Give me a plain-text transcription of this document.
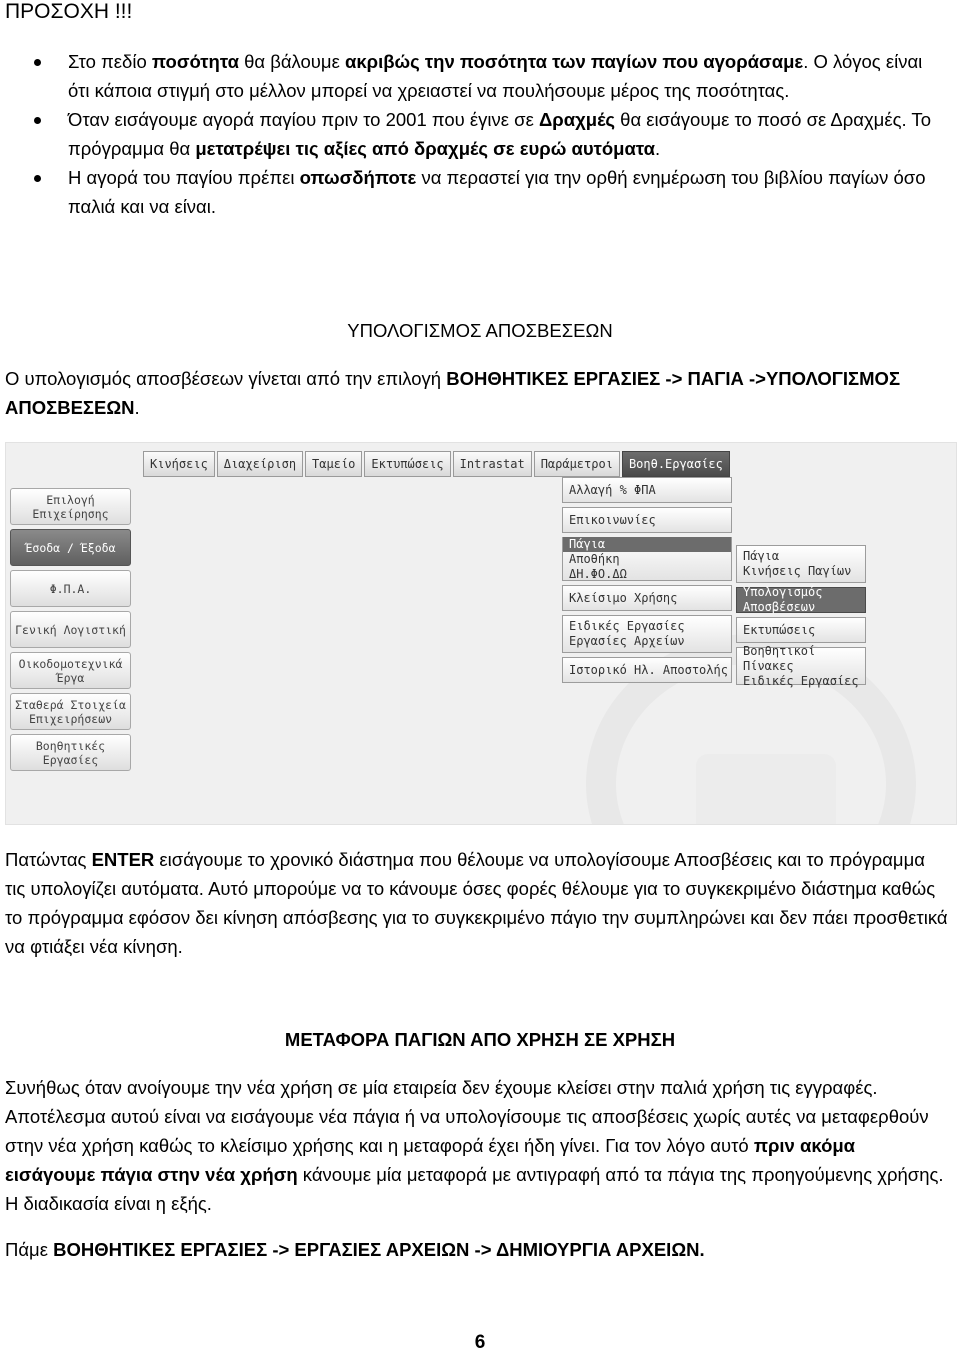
ΠΡΟΣΟΧΗ !!!
Στο πεδίο ποσότητα θα βάλουμε ακριβώς την ποσότητα των παγίων που αγοράσαμε. Ο λόγος είναι ότι κάποια στιγμή στο μέλλον μπορεί να χρειαστεί να πουλήσουμε μέρος της ποσότητας.
Όταν εισάγουμε αγορά παγίου πριν το 2001 που έγινε σε Δραχμές θα εισάγουμε το ποσό σε Δραχμές. Το πρόγραμμα θα μετατρέψει τις αξίες από δραχμές σε ευρώ αυτόματα.
Η αγορά του παγίου πρέπει οπωσδήποτε να περαστεί για την ορθή ενημέρωση του βιβλίου παγίων όσο παλιά και να είναι.
ΥΠΟΛΟΓΙΣΜΟΣ ΑΠΟΣΒΕΣΕΩΝ

Ο υπολογισμός αποσβέσεων γίνεται από την επιλογή ΒΟΗΘΗΤΙΚΕΣ ΕΡΓΑΣΙΕΣ -> ΠΑΓΙΑ ->ΥΠΟΛΟΓΙΣΜΟΣ ΑΠΟΣΒΕΣΕΩΝ.

Κινήσεις	Διαχείριση	Ταμείο	Εκτυπώσεις	Intrastat	Παράμετροι	Βοηθ.Εργασίες
Επιλογή
Επιχείρησης
Έσοδα / Έξοδα
Φ.Π.Α.
Γενική Λογιστική
Οικοδομοτεχνικά
Έργα
Σταθερά Στοιχεία
Επιχειρήσεων
Βοηθητικές
Εργασίες
Αλλαγή % ΦΠΑ
Επικοινωνίες
Πάγια
Αποθήκη
ΔΗ.ΦΟ.ΔΩ
Κλείσιμο Χρήσης
Ειδικές Εργασίες
Εργασίες Αρχείων
Ιστορικό Ηλ. Αποστολής
Πάγια
Κινήσεις Παγίων
Υπολογισμός Αποσβέσεων
Εκτυπώσεις
Βοηθητικοί Πίνακες
Ειδικές Εργασίες

Πατώντας ENTER εισάγουμε το χρονικό διάστημα που θέλουμε να υπολογίσουμε Αποσβέσεις και το πρόγραμμα τις υπολογίζει αυτόματα. Αυτό μπορούμε να το κάνουμε όσες φορές θέλουμε για το συγκεκριμένο διάστημα καθώς το πρόγραμμα εφόσον δει κίνηση απόσβεσης για το συγκεκριμένο πάγιο την συμπληρώνει και δεν πάει προσθετικά να φτιάξει νέα κίνηση.

ΜΕΤΑΦΟΡΑ ΠΑΓΙΩΝ ΑΠΟ ΧΡΗΣΗ ΣΕ ΧΡΗΣΗ

Συνήθως όταν ανοίγουμε την νέα χρήση σε μία εταιρεία δεν έχουμε κλείσει στην παλιά χρήση τις εγγραφές. Αποτέλεσμα αυτού είναι να εισάγουμε νέα πάγια ή να υπολογίσουμε τις αποσβέσεις χωρίς αυτές να μεταφερθούν στην νέα χρήση καθώς το κλείσιμο χρήσης και η μεταφορά έχει ήδη γίνει. Για τον λόγο αυτό πριν ακόμα εισάγουμε πάγια στην νέα χρήση κάνουμε μία μεταφορά με αντιγραφή από τα πάγια της προηγούμενης χρήσης. Η διαδικασία είναι η εξής.

Πάμε ΒΟΗΘΗΤΙΚΕΣ ΕΡΓΑΣΙΕΣ -> ΕΡΓΑΣΙΕΣ ΑΡΧΕΙΩΝ -> ΔΗΜΙΟΥΡΓΙΑ ΑΡΧΕΙΩΝ.

6
